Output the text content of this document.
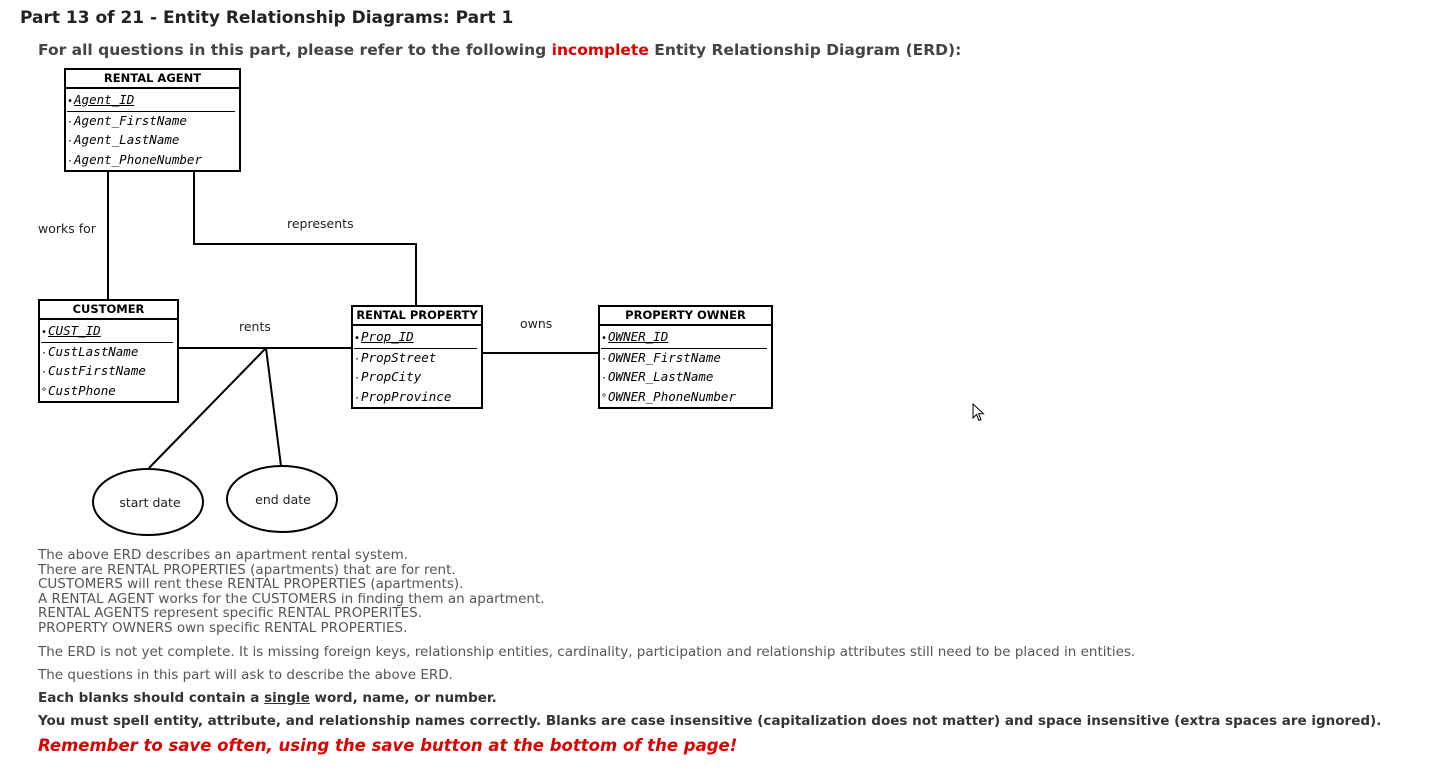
Part 13 of 21 - Entity Relationship Diagrams: Part 1
For all questions in this part, please refer to the following incomplete Entity Relationship Diagram (ERD):
start date	end date
works for	represents
rents	owns
RENTAL AGENT
•Agent_ID
·Agent_FirstName
·Agent_LastName
·Agent_PhoneNumber
CUSTOMER
•CUST_ID
·CustLastName
·CustFirstName
°CustPhone
RENTAL PROPERTY
•Prop_ID
·PropStreet
·PropCity
·PropProvince
PROPERTY OWNER
•OWNER_ID
·OWNER_FirstName
·OWNER_LastName
°OWNER_PhoneNumber
The above ERD describes an apartment rental system.
There are RENTAL PROPERTIES (apartments) that are for rent.
CUSTOMERS will rent these RENTAL PROPERTIES (apartments).
A RENTAL AGENT works for the CUSTOMERS in finding them an apartment.
RENTAL AGENTS represent specific RENTAL PROPERITES.
PROPERTY OWNERS own specific RENTAL PROPERTIES.
The ERD is not yet complete. It is missing foreign keys, relationship entities, cardinality, participation and relationship attributes still need to be placed in entities.
The questions in this part will ask to describe the above ERD.
Each blanks should contain a single word, name, or number.
You must spell entity, attribute, and relationship names correctly. Blanks are case insensitive (capitalization does not matter) and space insensitive (extra spaces are ignored).
Remember to save often, using the save button at the bottom of the page!
